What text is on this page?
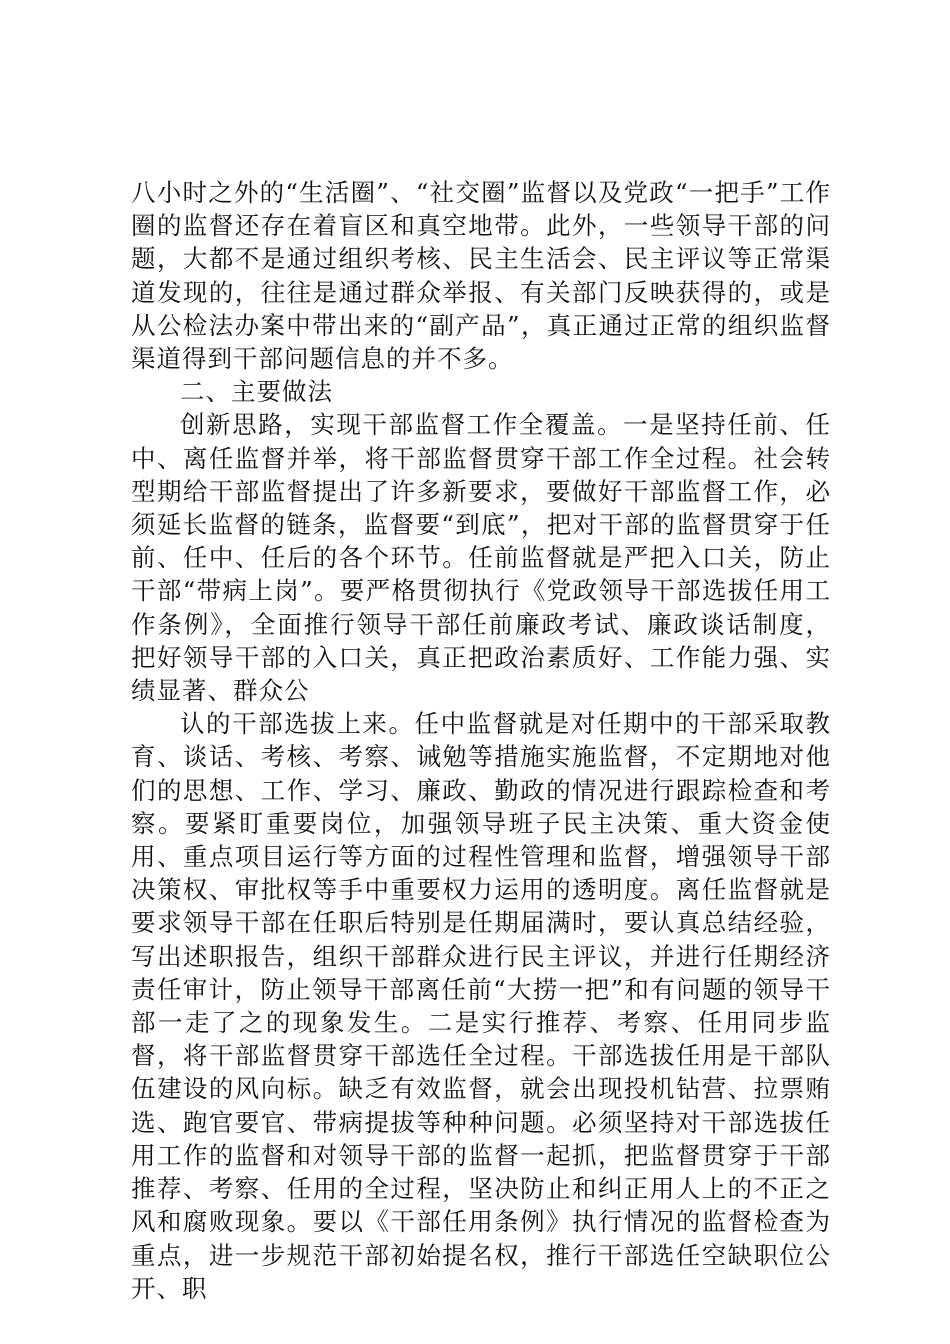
八小时之外的“生活圈”、“社交圈”监督以及党政“一把手”工作圈的监督还存在着盲区和真空地带。此外，一些领导干部的问题，大都不是通过组织考核、民主生活会、民主评议等正常渠道发现的，往往是通过群众举报、有关部门反映获得的，或是从公检法办案中带出来的“副产品”，真正通过正常的组织监督渠道得到干部问题信息的并不多。

二、主要做法

创新思路，实现干部监督工作全覆盖。一是坚持任前、任中、离任监督并举，将干部监督贯穿干部工作全过程。社会转型期给干部监督提出了许多新要求，要做好干部监督工作，必须延长监督的链条，监督要“到底”，把对干部的监督贯穿于任前、任中、任后的各个环节。任前监督就是严把入口关，防止干部“带病上岗”。要严格贯彻执行《党政领导干部选拔任用工作条例》，全面推行领导干部任前廉政考试、廉政谈话制度，把好领导干部的入口关，真正把政治素质好、工作能力强、实绩显著、群众公

认的干部选拔上来。任中监督就是对任期中的干部采取教育、谈话、考核、考察、诫勉等措施实施监督，不定期地对他们的思想、工作、学习、廉政、勤政的情况进行跟踪检查和考察。要紧盯重要岗位，加强领导班子民主决策、重大资金使用、重点项目运行等方面的过程性管理和监督，增强领导干部决策权、审批权等手中重要权力运用的透明度。离任监督就是要求领导干部在任职后特别是任期届满时，要认真总结经验，写出述职报告，组织干部群众进行民主评议，并进行任期经济责任审计，防止领导干部离任前“大捞一把”和有问题的领导干部一走了之的现象发生。二是实行推荐、考察、任用同步监督，将干部监督贯穿干部选任全过程。干部选拔任用是干部队伍建设的风向标。缺乏有效监督，就会出现投机钻营、拉票贿选、跑官要官、带病提拔等种种问题。必须坚持对干部选拔任用工作的监督和对领导干部的监督一起抓，把监督贯穿于干部推荐、考察、任用的全过程，坚决防止和纠正用人上的不正之风和腐败现象。要以《干部任用条例》执行情况的监督检查为重点，进一步规范干部初始提名权，推行干部选任空缺职位公开、职
